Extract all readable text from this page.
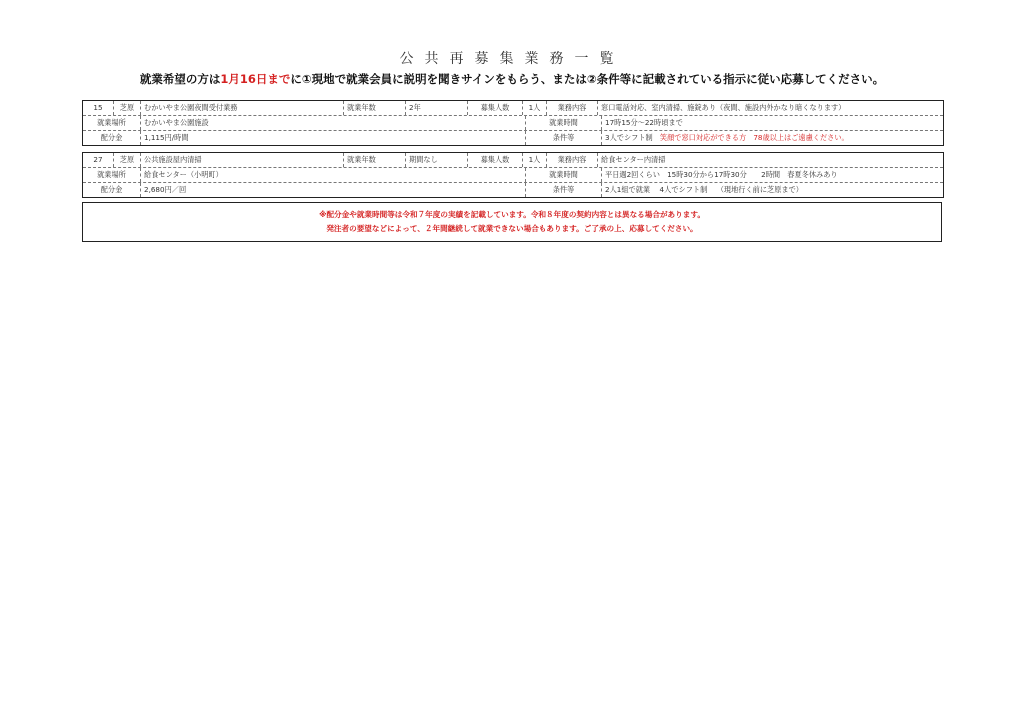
公共再募集業務一覧
就業希望の方は1月16日までに①現地で就業会員に説明を聞きサインをもらう、または②条件等に記載されている指示に従い応募してください。
15	芝原	むかいやま公園夜間受付業務	就業年数	2年	募集人数	1人	業務内容	窓口電話対応、室内清掃、施錠あり（夜間、施設内外かなり暗くなります）
就業場所	むかいやま公園施設	就業時間	17時15分～22時頃まで
配分金	1,115円/時間	条件等	3人でシフト制　笑顔で窓口対応ができる方　78歳以上はご遠慮ください。
27	芝原	公共施設屋内清掃	就業年数	期間なし	募集人数	1人	業務内容	給食センター内清掃
就業場所	給食センター（小明町）	就業時間	平日週2回くらい　15時30分から17時30分　　2時間　春夏冬休みあり
配分金	2,680円／回	条件等	2人1組で就業　 4人でシフト制　 （現地行く前に芝原まで）
※配分金や就業時間等は令和７年度の実績を記載しています。令和８年度の契約内容とは異なる場合があります。
発注者の要望などによって、２年間継続して就業できない場合もあります。ご了承の上、応募してください。
